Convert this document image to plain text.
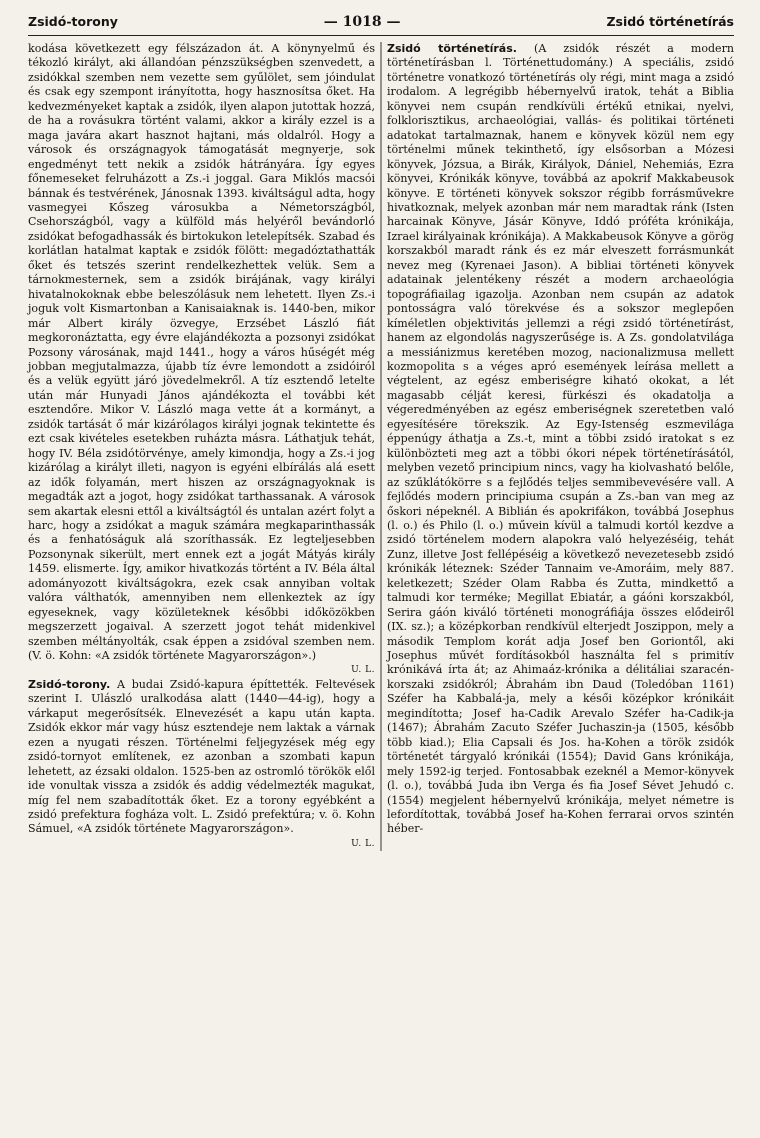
Zsidó-torony	— 1018 —	Zsidó történetírás

kodása következett egy félszázadon át. A könynyelmű és tékozló királyt, aki állandóan pénzszükségben szenvedett, a zsidókkal szemben nem vezette sem gyűlölet, sem jóindulat és csak egy szempont irányította, hogy hasznosítsa őket. Ha kedvezményeket kaptak a zsidók, ilyen alapon jutottak hozzá, de ha a rovásukra történt valami, akkor a király ezzel is a maga javára akart hasznot hajtani, más oldalról. Hogy a városok és országnagyok támogatását megnyerje, sok engedményt tett nekik a zsidók hátrányára. Így egyes főnemeseket felruházott a Zs.-i joggal. Gara Miklós macsói bánnak és testvérének, Jánosnak 1393. kiváltságul adta, hogy vasmegyei Kőszeg városukba a Németországból, Csehországból, vagy a külföld más helyéről bevándorló zsidókat befogadhassák és birtokukon letelepítsék. Szabad és korlátlan hatalmat kaptak e zsidók fölött: megadóztathatták őket és tetszés szerint rendelkezhettek velük. Sem a tárnokmesternek, sem a zsidók birájának, vagy királyi hivatalnokoknak ebbe beleszólásuk nem lehetett. Ilyen Zs.-i joguk volt Kismartonban a Kanisaiaknak is. 1440-ben, mikor már Albert király özvegye, Erzsébet László fiát megkoronáztatta, egy évre elajándékozta a pozsonyi zsidókat Pozsony városának, majd 1441., hogy a város hűségét még jobban megjutalmazza, újabb tíz évre lemondott a zsidóiról és a velük együtt járó jövedelmekről. A tíz esztendő letelte után már Hunyadi János ajándékozta el további két esztendőre. Mikor V. László maga vette át a kormányt, a zsidók tartását ő már kizárólagos királyi jognak tekintette és ezt csak kivételes esetekben ruházta másra. Láthatjuk tehát, hogy IV. Béla zsidótörvénye, amely kimondja, hogy a Zs.-i jog kizárólag a királyt illeti, nagyon is egyéni elbírálás alá esett az idők folyamán, mert hiszen az országnagyoknak is megadták azt a jogot, hogy zsidókat tarthassanak. A városok sem akartak elesni ettől a kiváltságtól és untalan azért folyt a harc, hogy a zsidókat a maguk számára megkaparinthassák és a fenhatóságuk alá szoríthassák. Ez legteljesebben Pozsonynak sikerült, mert ennek ezt a jogát Mátyás király 1459. elismerte. Így, amikor hivatkozás történt a IV. Béla által adományozott kiváltságokra, ezek csak annyiban voltak valóra válthatók, amennyiben nem ellenkeztek az így egyeseknek, vagy közületeknek későbbi időközökben megszerzett jogaival. A szerzett jogot tehát midenkivel szemben méltányolták, csak éppen a zsidóval szemben nem. (V. ö. Kohn: «A zsidók története Magyarországon».)

U. L.

Zsidó-torony. A budai Zsidó-kapura építtették. Feltevések szerint I. Ulászló uralkodása alatt (1440—44-ig), hogy a várkaput megerősítsék. Elnevezését a kapu után kapta. Zsidók ekkor már vagy húsz esztendeje nem laktak a várnak ezen a nyugati részen. Történelmi feljegyzések még egy zsidó-tornyot említenek, ez azonban a szombati kapun lehetett, az ézsaki oldalon. 1525-ben az ostromló törökök elől ide vonultak vissza a zsidók és addig védelmezték magukat, míg fel nem szabadították őket. Ez a torony egyébként a zsidó prefektura fogháza volt. L. Zsidó prefektúra; v. ö. Kohn Sámuel, «A zsidók története Magyarországon».

U. L.

Zsidó történetírás. (A zsidók részét a modern történetírásban l. Történettudomány.) A speciális, zsidó történetre vonatkozó történetírás oly régi, mint maga a zsidó irodalom. A legrégibb hébernyelvű iratok, tehát a Biblia könyvei nem csupán rendkívüli értékű etnikai, nyelvi, folklorisztikus, archaeológiai, vallás- és politikai történeti adatokat tartalmaznak, hanem e könyvek közül nem egy történelmi műnek tekinthető, így elsősorban a Mózesi könyvek, Józsua, a Birák, Királyok, Dániel, Nehemiás, Ezra könyvei, Krónikák könyve, továbbá az apokrif Makkabeusok könyve. E történeti könyvek sokszor régibb forrásművekre hivatkoznak, melyek azonban már nem maradtak ránk (Isten harcainak Könyve, Jásár Könyve, Iddó próféta krónikája, Izrael királyainak krónikája). A Makkabeusok Könyve a görög korszakból maradt ránk és ez már elveszett forrásmunkát nevez meg (Kyrenaei Jason). A bibliai történeti könyvek adatainak jelentékeny részét a modern archaeológia topográfiailag igazolja. Azonban nem csupán az adatok pontosságra való törekvése és a sokszor meglepően kíméletlen objektivitás jellemzi a régi zsidó történetírást, hanem az elgondolás nagyszerűsége is. A Zs. gondolatvilága a messiánizmus keretében mozog, nacionalizmusa mellett kozmopolita s a véges apró események leírása mellett a végtelent, az egész emberiségre kiható okokat, a lét magasabb célját keresi, fürkészi és okadatolja a végeredményében az egész emberiségnek szeretetben való egyesítésére törekszik. Az Egy-Istenség eszmevilága éppenúgy áthatja a Zs.-t, mint a többi zsidó iratokat s ez különbözteti meg azt a többi ókori népek történetírásától, melyben vezető principium nincs, vagy ha kiolvasható belőle, az szűklátókörre s a fejlődés teljes semmibevevésére vall. A fejlődés modern principiuma csupán a Zs.-ban van meg az őskori népeknél. A Biblián és apokrifákon, továbbá Josephus (l. o.) és Philo (l. o.) művein kívül a talmudi kortól kezdve a zsidó történelem modern alapokra való helyezéséig, tehát Zunz, illetve Jost fellépéséig a következő nevezetesebb zsidó krónikák léteznek: Széder Tannaim ve-Amoráim, mely 887. keletkezett; Széder Olam Rabba és Zutta, mindkettő a talmudi kor terméke; Megillat Ebiatár, a gáóni korszakból, Serira gáón kiváló történeti monográfiája összes elődeiről (IX. sz.); a középkorban rendkívül elterjedt Joszippon, mely a második Templom korát adja Josef ben Goriontől, aki Josephus művét fordításokból használta fel s primitív krónikává írta át; az Ahimaáz-krónika a délitáliai szaracén-korszaki zsidókról; Ábrahám ibn Daud (Toledóban 1161) Széfer ha Kabbalá-ja, mely a késői középkor krónikáit megindította; Josef ha-Cadik Arevalo Széfer ha-Cadik-ja (1467); Ábrahám Zacuto Széfer Juchaszin-ja (1505, később több kiad.); Elia Capsali és Jos. ha-Kohen a török zsidók történetét tárgyaló krónikái (1554); David Gans krónikája, mely 1592-ig terjed. Fontosabbak ezeknél a Memor-könyvek (l. o.), továbbá Juda ibn Verga és fia Josef Sévet Jehudó c. (1554) megjelent hébernyelvű krónikája, melyet németre is lefordítottak, továbbá Josef ha-Kohen ferrarai orvos szintén héber-
